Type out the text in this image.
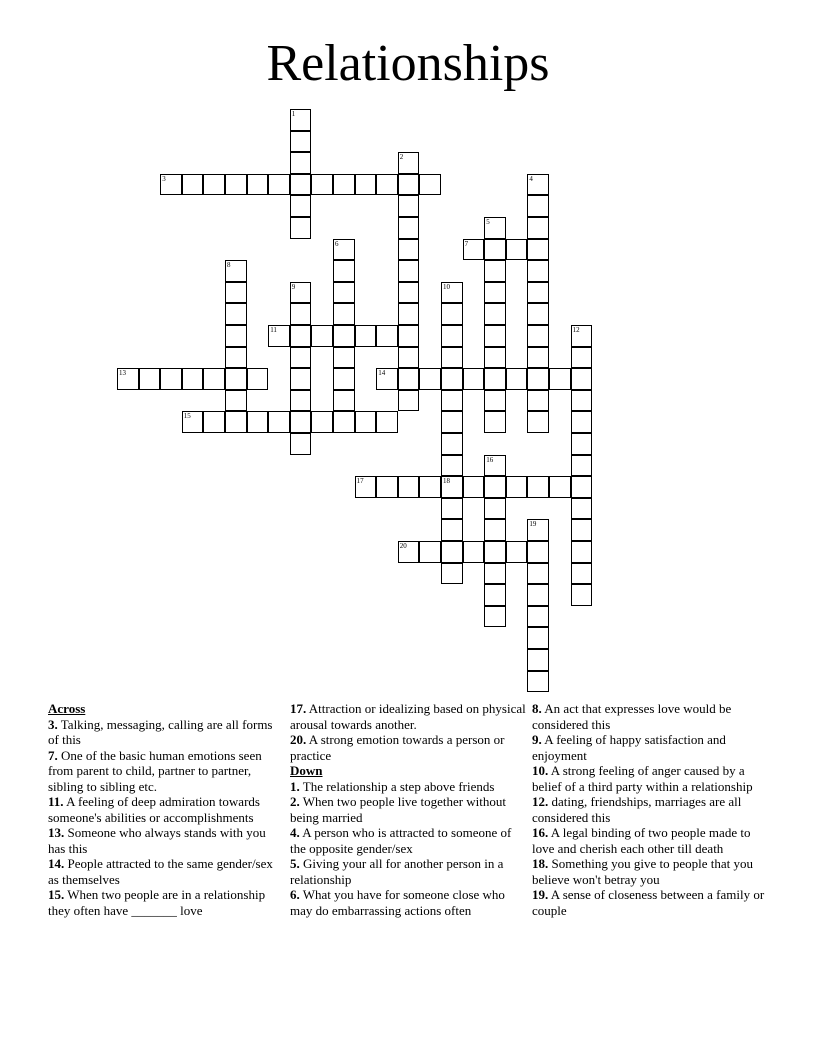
Relationships
1
2
3	4
5
6	7
8
9	10
11	12
13	14
15
16
17	18
19
20
Across
3. Talking, messaging, calling are all forms of this
7. One of the basic human emotions seen from parent to child, partner to partner, sibling to sibling etc.
11. A feeling of deep admiration towards someone's abilities or accomplishments
13. Someone who always stands with you has this
14. People attracted to the same gender/sex as themselves
15. When two people are in a relationship they often have _______ love
17. Attraction or idealizing based on physical arousal towards another.
20. A strong emotion towards a person or practice
Down
1. The relationship a step above friends
2. When two people live together without being married
4. A person who is attracted to someone of the opposite gender/sex
5. Giving your all for another person in a relationship
6. What you have for someone close who may do embarrassing actions often
8. An act that expresses love would be considered this
9. A feeling of happy satisfaction and enjoyment
10. A strong feeling of anger caused by a belief of a third party within a relationship
12. dating, friendships, marriages are all considered this
16. A legal binding of two people made to love and cherish each other till death
18. Something you give to people that you believe won't betray you
19. A sense of closeness between a family or couple
